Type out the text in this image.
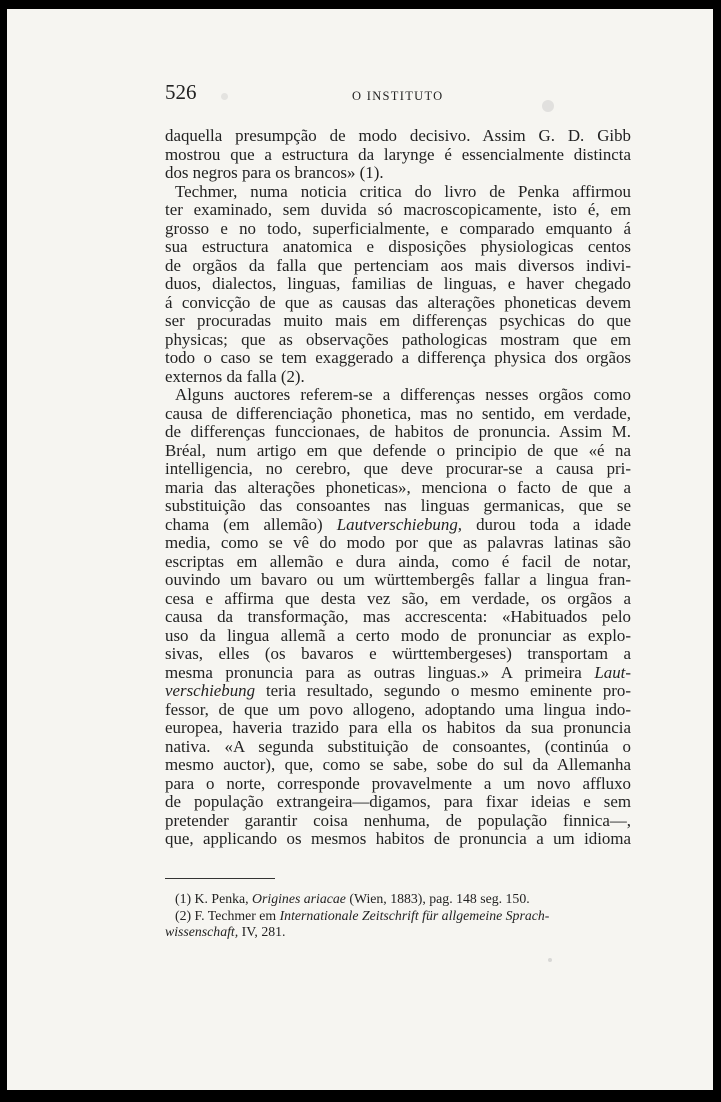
526	O INSTITUTO
daquella presumpção de modo decisivo. Assim G. D. Gibb
mostrou que a estructura da larynge é essencialmente distincta
dos negros para os brancos» (1).
Techmer, numa noticia critica do livro de Penka affirmou
ter examinado, sem duvida só macroscopicamente, isto é, em
grosso e no todo, superficialmente, e comparado emquanto á
sua estructura anatomica e disposições physiologicas centos
de orgãos da falla que pertenciam aos mais diversos indivi-
duos, dialectos, linguas, familias de linguas, e haver chegado
á convicção de que as causas das alterações phoneticas devem
ser procuradas muito mais em differenças psychicas do que
physicas; que as observações pathologicas mostram que em
todo o caso se tem exaggerado a differença physica dos orgãos
externos da falla (2).
Alguns auctores referem-se a differenças nesses orgãos como
causa de differenciação phonetica, mas no sentido, em verdade,
de differenças funccionaes, de habitos de pronuncia. Assim M.
Bréal, num artigo em que defende o principio de que «é na
intelligencia, no cerebro, que deve procurar-se a causa pri-
maria das alterações phoneticas», menciona o facto de que a
substituição das consoantes nas linguas germanicas, que se
chama (em allemão) Lautverschiebung, durou toda a idade
media, como se vê do modo por que as palavras latinas são
escriptas em allemão e dura ainda, como é facil de notar,
ouvindo um bavaro ou um württembergês fallar a lingua fran-
cesa e affirma que desta vez são, em verdade, os orgãos a
causa da transformação, mas accrescenta: «Habituados pelo
uso da lingua allemã a certo modo de pronunciar as explo-
sivas, elles (os bavaros e württembergeses) transportam a
mesma pronuncia para as outras linguas.» A primeira Laut-
verschiebung teria resultado, segundo o mesmo eminente pro-
fessor, de que um povo allogeno, adoptando uma lingua indo-
europea, haveria trazido para ella os habitos da sua pronuncia
nativa. «A segunda substituição de consoantes, (continúa o
mesmo auctor), que, como se sabe, sobe do sul da Allemanha
para o norte, corresponde provavelmente a um novo affluxo
de população extrangeira—digamos, para fixar ideias e sem
pretender garantir coisa nenhuma, de população finnica—,
que, applicando os mesmos habitos de pronuncia a um idioma
(1) K. Penka, Origines ariacae (Wien, 1883), pag. 148 seg. 150.
(2) F. Techmer em Internationale Zeitschrift für allgemeine Sprach-
wissenschaft, IV, 281.
